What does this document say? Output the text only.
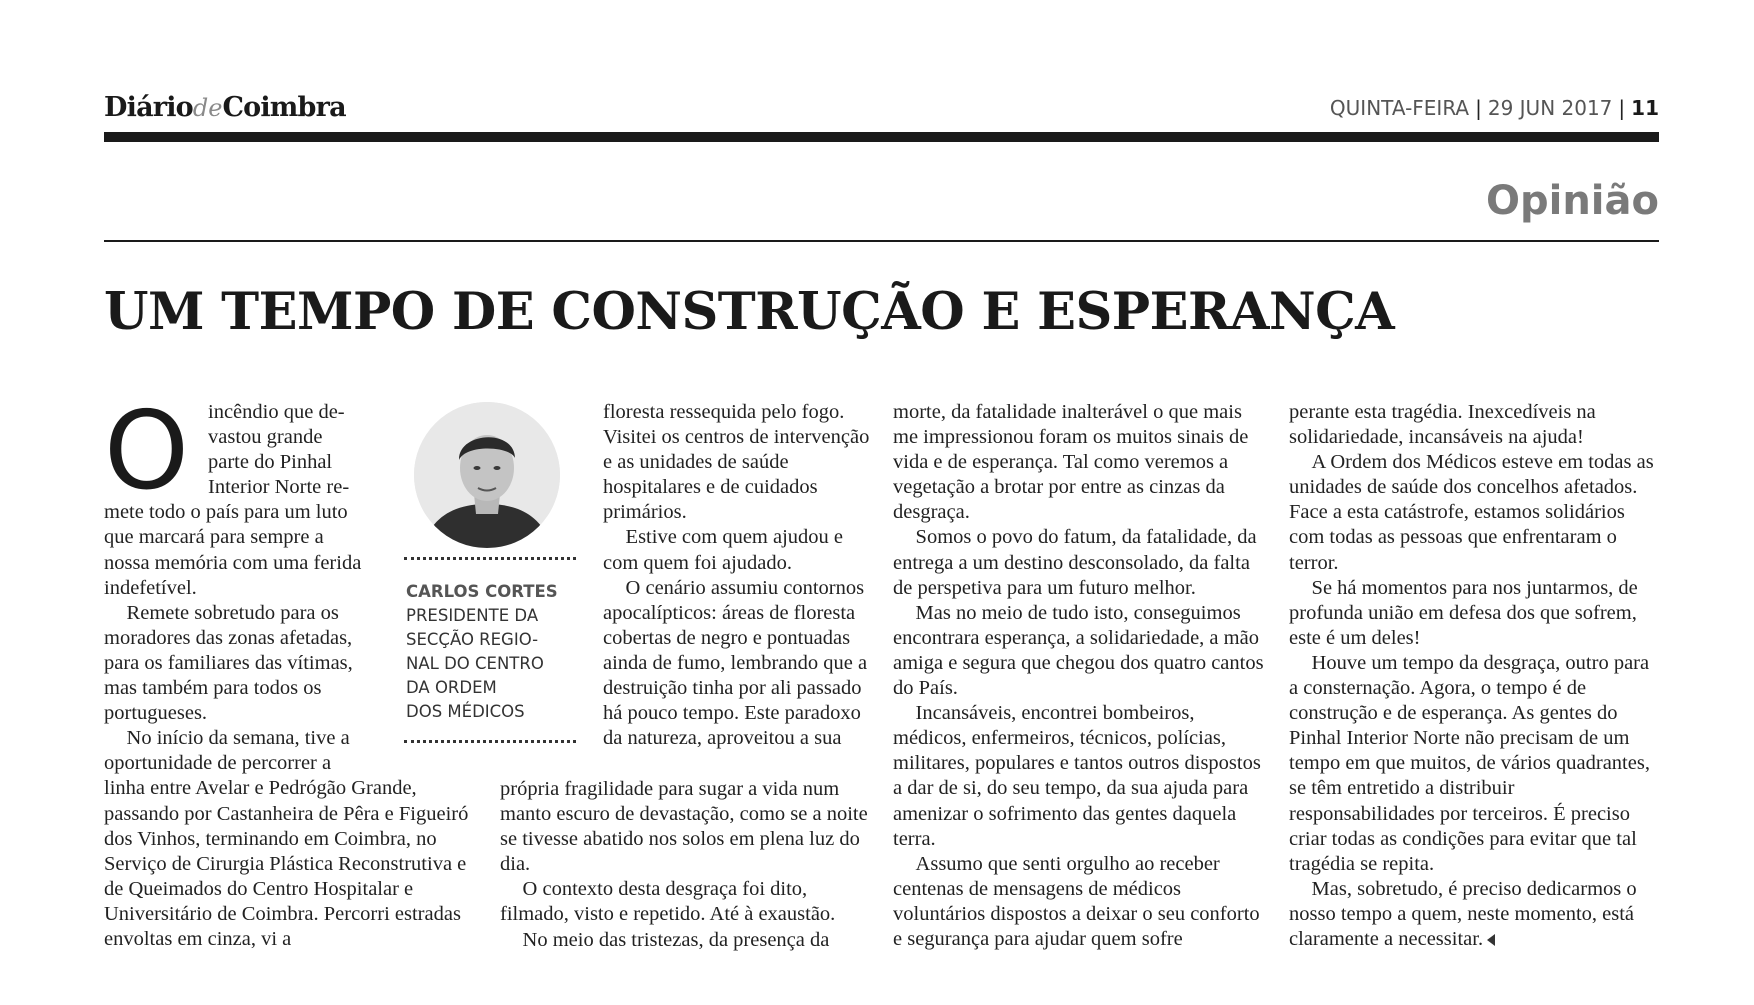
DiáriodeCoimbra	QUINTA-FEIRA | 29 JUN 2017 | 11
Opinião
UM TEMPO DE CONSTRUÇÃO E ESPERANÇA
O incêndio que de-

vastou grande

parte do Pinhal

Interior Norte re-

mete todo o país para um luto que marcará para sempre a nossa memória com uma ferida indefetível.

Remete sobretudo para os moradores das zonas afetadas, para os familiares das vítimas, mas também para todos os portugueses.

No início da semana, tive a oportunidade de percorrer a

linha entre Avelar e Pedrógão Grande, passando por Castanheira de Pêra e Figueiró dos Vinhos, terminando em Coimbra, no Serviço de Cirurgia Plástica Reconstrutiva e de Queimados do Centro Hospitalar e Universitário de Coimbra. Percorri estradas envoltas em cinza, vi a

CARLOS CORTES
PRESIDENTE DA
SECÇÃO REGIO-
NAL DO CENTRO
DA ORDEM
DOS MÉDICOS

floresta ressequida pelo fogo. Visitei os centros de intervenção e as unidades de saúde hospitalares e de cuidados primários.

Estive com quem ajudou e com quem foi ajudado.

O cenário assumiu contornos apocalípticos: áreas de floresta cobertas de negro e pontuadas ainda de fumo, lembrando que a destruição tinha por ali passado há pouco tempo. Este paradoxo da natureza, aproveitou a sua

própria fragilidade para sugar a vida num manto escuro de devastação, como se a noite se tivesse abatido nos solos em plena luz do dia.

O contexto desta desgraça foi dito, filmado, visto e repetido. Até à exaustão.

No meio das tristezas, da presença da

morte, da fatalidade inalterável o que mais me impressionou foram os muitos sinais de vida e de esperança. Tal como veremos a vegetação a brotar por entre as cinzas da desgraça.

Somos o povo do fatum, da fatalidade, da entrega a um destino desconsolado, da falta de perspetiva para um futuro melhor.

Mas no meio de tudo isto, conseguimos encontrara esperança, a solidariedade, a mão amiga e segura que chegou dos quatro cantos do País.

Incansáveis, encontrei bombeiros, médicos, enfermeiros, técnicos, polícias, militares, populares e tantos outros dispostos a dar de si, do seu tempo, da sua ajuda para amenizar o sofrimento das gentes daquela terra.

Assumo que senti orgulho ao receber centenas de mensagens de médicos voluntários dispostos a deixar o seu conforto e segurança para ajudar quem sofre

perante esta tragédia. Inexcedíveis na solidariedade, incansáveis na ajuda!

A Ordem dos Médicos esteve em todas as unidades de saúde dos concelhos afetados. Face a esta catástrofe, estamos solidários com todas as pessoas que enfrentaram o terror.

Se há momentos para nos juntarmos, de profunda união em defesa dos que sofrem, este é um deles!

Houve um tempo da desgraça, outro para a consternação. Agora, o tempo é de construção e de esperança. As gentes do Pinhal Interior Norte não precisam de um tempo em que muitos, de vários quadrantes, se têm entretido a distribuir responsabilidades por terceiros. É preciso criar todas as condições para evitar que tal tragédia se repita.

Mas, sobretudo, é preciso dedicarmos o nosso tempo a quem, neste momento, está claramente a necessitar.
